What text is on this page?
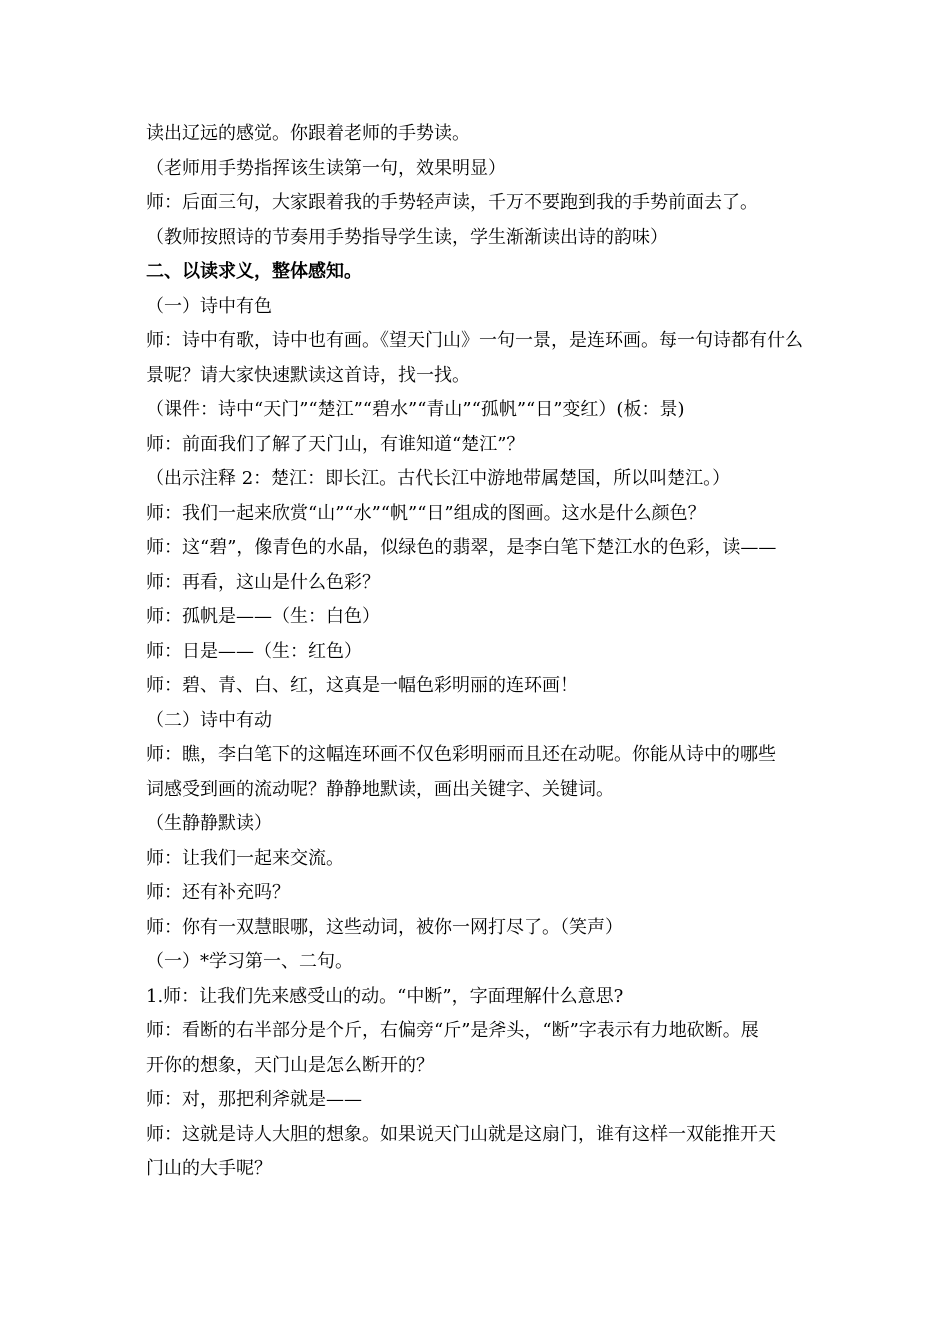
读出辽远的感觉。你跟着老师的手势读。
（老师用手势指挥该生读第一句，效果明显）
师：后面三句，大家跟着我的手势轻声读，千万不要跑到我的手势前面去了。
（教师按照诗的节奏用手势指导学生读，学生渐渐读出诗的韵味）
二、以读求义，整体感知。
（一）诗中有色
师：诗中有歌，诗中也有画。《望天门山》一句一景，是连环画。每一句诗都有什么
景呢？请大家快速默读这首诗，找一找。
（课件：诗中“天门”“楚江”“碧水”“青山”“孤帆”“日”变红）(板：景)
师：前面我们了解了天门山，有谁知道“楚江”？
（出示注释 2：楚江：即长江。古代长江中游地带属楚国，所以叫楚江。）
师：我们一起来欣赏“山”“水”“帆”“日”组成的图画。这水是什么颜色？
师：这“碧”，像青色的水晶，似绿色的翡翠，是李白笔下楚江水的色彩，读——
师：再看，这山是什么色彩？
师：孤帆是——（生：白色）
师：日是——（生：红色）
师：碧、青、白、红，这真是一幅色彩明丽的连环画！
（二）诗中有动
师：瞧，李白笔下的这幅连环画不仅色彩明丽而且还在动呢。你能从诗中的哪些
词感受到画的流动呢？静静地默读，画出关键字、关键词。
（生静静默读）
师：让我们一起来交流。
师：还有补充吗？
师：你有一双慧眼哪，这些动词，被你一网打尽了。（笑声）
（一）*学习第一、二句。
1.师：让我们先来感受山的动。“中断”，字面理解什么意思?
师：看断的右半部分是个斤，右偏旁“斤”是斧头，“断”字表示有力地砍断。展
开你的想象，天门山是怎么断开的？
师：对，那把利斧就是——
师：这就是诗人大胆的想象。如果说天门山就是这扇门，谁有这样一双能推开天
门山的大手呢？
